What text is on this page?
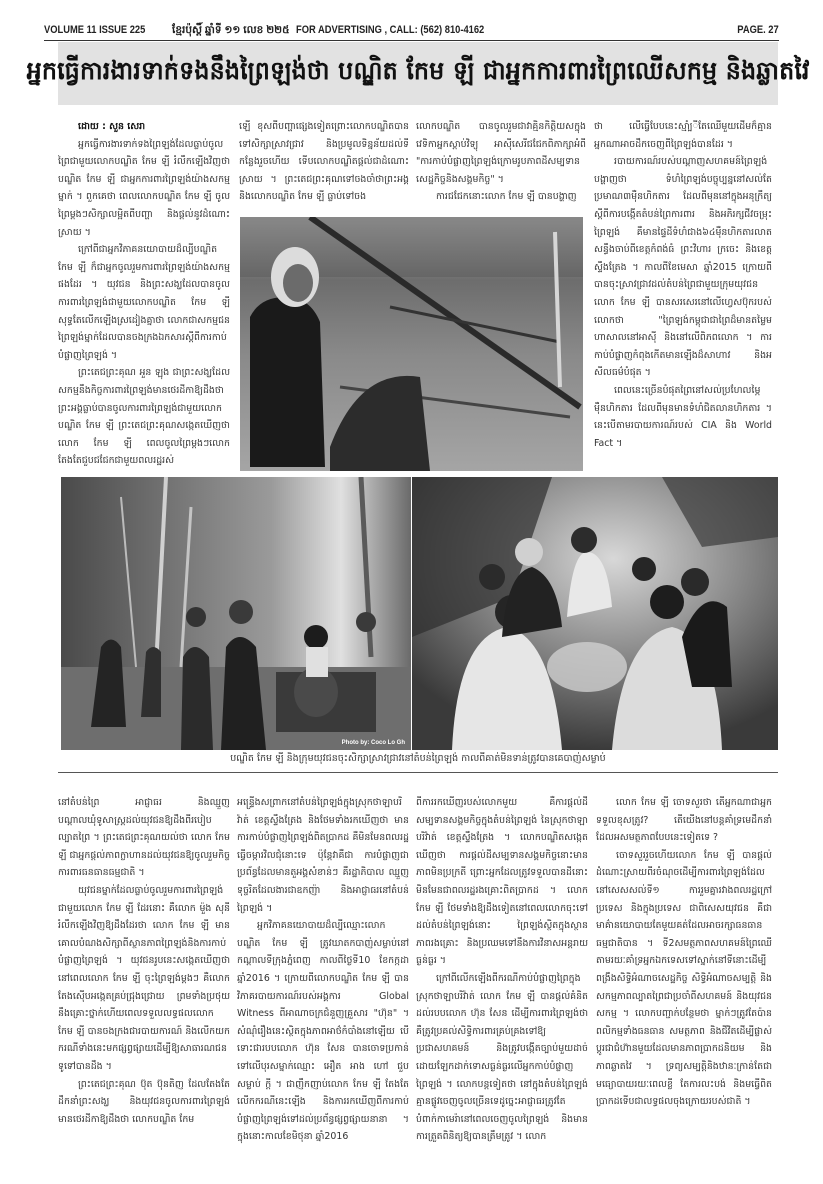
VOLUME 11 ISSUE 225	ខ្មែរប៉ុស្តិ៍ ឆ្នាំទី ១១ លេខ ២២៥ FOR ADVERTISING , CALL: (562) 810-4162	PAGE. 27
អ្នកធ្វើការងារទាក់ទងនឹងព្រៃឡង់ថា បណ្ឌិត កែម ឡី ជាអ្នកការពារព្រៃឈើសកម្ម និងឆ្លាតវៃ

ដោយ : សួន សេរា

អ្នកធ្វើការងារទាក់ទងព្រៃឡង់ដែលធ្លាប់ចូលព្រៃជាមួយលោកបណ្ឌិត កែម ឡី រំលឹកឡើងវិញថា បណ្ឌិត កែម ឡី ជាអ្នកការពារព្រៃឡង់យ៉ាងសកម្មម្នាក់ ។ ពួកគេថា ពេលលោកបណ្ឌិត កែម ឡី ចូលព្រៃម្តងៗសិក្សាលម្អិតពីបញ្ហា និងផ្តល់នូវដំណោះស្រាយ ។

ក្រៅពីជាអ្នកវិភាគនយោបាយដ៏ល្បីបណ្ឌិត កែម ឡី ក៏ជាអ្នកចូលរួមការពារព្រៃឡង់យ៉ាងសកម្មផងដែរ ។ យុវជន និងព្រះសង្ឃដែលបានចូលការពារព្រៃឡង់ជាមួយលោកបណ្ឌិត កែម ឡី សុទ្ធតែលើកឡើងស្រដៀងគ្នាថា លោកជាសកម្មជនព្រៃឡង់ម្នាក់ដែលបានចងក្រងឯកសារស្តីពីការកាប់បំផ្លាញព្រៃឡង់ ។

ព្រះតេជព្រះគុណ អួន ឡុង ជាព្រះសង្ឃដែលសកម្មនឹងកិច្ចការពារព្រៃឡង់មានថេរដីកាឱ្យដឹងថា ព្រះអង្គធ្លាប់បានចូលការពារព្រៃឡង់ជាមួយលោកបណ្ឌិត កែម ឡី ព្រះតេជព្រះគុណសង្កេតឃើញថា លោក កែម ឡី ពេលចូលព្រៃម្តងៗលោកតែងតែជួបជជែកជាមួយពលរដ្ឋរស់

ឡើ ខុសពីបញ្ហាផ្សេងទៀតព្រោះលោកបណ្ឌិតបានទៅសិក្សាស្រាវជ្រាវ និងប្រមូលទិន្នន័យដល់ទីកន្លែងរួចហើយ ទើបលោកបណ្ឌិតផ្តល់ជាដំណោះស្រាយ ។ ព្រះតេជព្រះគុណទៅចងចាំថាព្រះអង្គនិងលោកបណ្ឌិត កែម ឡី ធ្លាប់ទៅចង

លោកបណ្ឌិត បានចូលរួមជាវាគ្មិនកិត្តិយសក្នុងវេទិកាអ្នកស្តាប់វិទ្យុ អាស៊ីសេរីជជែកពិភាក្សាអំពី "ការកាប់បំផ្លាញព្រៃឡង់ក្រោមរូបភាពដីសម្បទានសេដ្ឋកិច្ចនិងសង្គមកិច្ច" ។

ការជជែកនោះលោក កែម ឡី បានបង្ហាញ

ថា លើធ្វើបែបនេះស្មាំ្បីតែឈើមួយដើមក៏គ្មានអ្នកណាអាចដឹកចេញពីព្រៃឡង់បានដែរ ។

របាយការណ៍របស់បណ្តាញសហគមន៍ព្រៃឡង់បង្ហាញថា ទំហំព្រៃឡង់បច្ចុប្បន្ននៅសល់តែប្រមាណ៣ម៉ឺនហិកតារ ដែលពីមុននៅក្នុងអនុក្រឹត្យស្តីពីការបង្កើតតំបន់ព្រៃការពារ និងអភិរក្សជីវចម្រុះ ព្រៃឡង់ គឺមានផ្ទៃដីទំហំជាង៦៤ម៉ឺនហិកតារលាតសន្ធឹងចាប់ពីខេត្តកំពង់ធំ ព្រះវិហារ ក្រចេះ និងខេត្តស្ទឹងត្រែង ។ កាលពីខែមេសា ឆ្នាំ2015 ក្រោយពីបានចុះស្រាវជ្រាវដល់តំបន់ព្រៃជាមួយក្រុមយុវជនលោក កែម ឡី បានសរសេរនៅលើហ្វេសប៊ុករបស់លោកថា "ព្រៃឡង់កម្ពុជាជាព្រៃដ៏មានតម្លៃមហាសាលនៅអាស៊ី និងនៅលើពិភពលោក ។ ការកាប់បំផ្លាញកំពុងកើតមានឡើងដ៏សាហាវ និងអសីលធម៌បំផុត ។

ពេលនេះច្រើនបំផុតព្រៃនៅសល់ប្រហែលម្ភៃម៉ឺនហិកតារ ដែលពីមុនមានទំហំជិតលានហិកតារ ។ នេះបើតាមរបាយការណ៍របស់ CIA និង World Fact ។

Photo by: Coco Lo Gh
បណ្ឌិត កែម ឡី និងក្រុមយុវជនចុះសិក្សាស្រាវជ្រាវនៅតំបន់ព្រៃឡង់ កាលពីគាត់មិនទាន់ត្រូវបានគេបាញ់សម្លាប់

នៅតំបន់ព្រៃ អាជ្ញាធរ និងឈ្មួញបណ្តាលឃុំទូសាស្រ្តដល់យុវជនឱ្យដឹងពីរបៀបល្បាតព្រៃ ។ ព្រះតេជព្រះគុណយល់ថា លោក កែម ឡី ជាអ្នកផ្តល់ភាពក្លាហានដល់យុវជនឱ្យចូលរួមកិច្ចការពារធនធានធម្មជាតិ ។

យុវជនម្នាក់ដែលធ្លាប់ចូលរួមការពារព្រៃឡង់ជាមួយលោក កែម ឡី ដែរនោះ គឺលោក ម៉ួង សុនី រំលឹកឡើងវិញឱ្យដឹងដែរថា លោក កែម ឡី មានគោលបំណងសិក្សាពីស្ថានភាពព្រៃឡង់និងការកាប់បំផ្លាញព្រៃឡង់ ។ យុវជនរូបនេះសង្កេតឃើញថា នៅពេលលោក កែម ឡី ចុះព្រៃឡង់ម្តងៗ គឺលោកតែងស៊ើបអង្កេតគ្រប់ជ្រុងជ្រោយ ព្រមទាំងប្រថុយនឹងគ្រោះថ្នាក់ហើយពេលទទួលលទ្ធផលលោក កែម ឡី បានចងក្រងជារបាយការណ៍ និងលើកយកករណីទាំងនេះមកផ្សព្វផ្សាយដើម្បីឱ្យសាធារណជនទូទៅបានដឹង ។

ព្រះតេជព្រះគុណ ប៊ុត ប៊ុនតិញ ដែលតែងតែដឹកនាំព្រះសង្ឃ និងយុវជនចូលការពារព្រៃឡង់មានថេរដីកាឱ្យដឹងថា លោកបណ្ឌិត កែម

អន្រ្ទើងសព្រាកនៅតំបន់ព្រៃឡង់ក្នុងស្រុកថាឡាបរិវ៉ាត់ ខេត្តស្ទឹងត្រែង និងថែមទាំងរកឃើញថា មានការកាប់បំផ្លាញព្រៃឡង់ពិតប្រាកដ គឺមិនមែនពលរដ្ឋធ្វើចម្ការវិលជុំនោះទេ ប៉ុន្តែវាគឺជា ការបំផ្លាញជាប្រព័ន្ធដែលមានតួអង្គសំខាន់ៗ គឺរដ្ឋាភិបាល ឈ្មួញទុច្ចរិតដែលងារជាឧកញ៉ា និងអាជ្ញាធរនៅតំបន់ព្រៃឡង់ ។

អ្នកវិភាគនយោបាយដ៏ល្បីឈ្មោះលោក បណ្ឌិត កែម ឡី ត្រូវឃាតកបាញ់សម្លាប់នៅកណ្តាលទីក្រុងភ្នំពេញ កាលពីថ្ងៃទី10 ខែកក្កដា ឆ្នាំ2016 ។ ក្រោយពីលោកបណ្ឌិត កែម ឡី បានវិភាគរបាយការណ៍របស់អង្គការ Global Witness ពីអាណាចក្រជំនួញគ្រួសារ "ហ៊ុន" ។ សំណុំរឿងនេះស្ថិតក្នុងភាពអាថ៌កំបាំងនៅឡើយ បើទោះជារបបលោក ហ៊ុន សែន បានចោទប្រកាន់ទៅលើបុរសម្នាក់ឈ្មោះ អឿត អាង ហៅ ជួប សម្លាប់ ក្តី ។ ជាញឹកញាប់លោក កែម ឡី តែងតែលើកករណីនេះឡើង និងការរកឃើញពីការកាប់បំផ្លាញព្រៃឡង់ទៅដល់ប្រព័ន្ធផ្សព្វផ្សាយនានា ។ ក្នុងនោះកាលខែមិថុនា ឆ្នាំ2016

ពីការរកឃើញរបស់លោកមួយ គឺការផ្តល់ដីសម្បទានសង្គមកិច្ចក្នុងតំបន់ព្រៃឡង់ នៃស្រុកថាឡាបរិវ៉ាត់ ខេត្តស្ទឹងត្រែង ។ លោកបណ្ឌិតសង្កេតឃើញថា ការផ្តល់ដីសម្បទានសង្គមកិច្ចនោះមានភាពមិនប្រក្រតី ព្រោះអ្នកដែលត្រូវទទួលបានដីនោះមិនមែនជាពលរដ្ឋរងគ្រោះពិតប្រាកដ ។ លោក កែម ឡី ថែមទាំងឱ្យដឹងទៀតនៅពេលលោកចុះទៅដល់តំបន់ព្រៃឡង់នោះ ព្រៃឡង់ស្ថិតក្នុងស្ថានភាពរងគ្រោះ និងប្រឈមទៅនឹងការវិនាសអន្តរាយធ្ងន់ធ្ងរ ។

ក្រៅពីលើកឡើងពីករណីកាប់បំផ្លាញព្រៃក្នុងស្រុកថាឡាបរិវ៉ាត់ លោក កែម ឡី បានផ្តល់គំនិតដល់របបលោក ហ៊ុន សែន ដើម្បីការពារព្រៃឡង់ថា គឺត្រូវប្រគល់សិទ្ធិការពារគ្រប់គ្រងទៅឱ្យប្រជាសហគមន៍ និងត្រូវបង្កើតច្បាប់មួយដាច់ដោយឡែកដាក់ទោសធ្ងន់ធ្ងរលើអ្នកកាប់បំផ្លាញព្រៃឡង់ ។ លោកបន្តទៀតថា នៅក្នុងតំបន់ព្រៃឡង់គ្មានផ្លូវចេញចូលច្រើនទេដូច្នេះអាជ្ញាធរត្រូវតែបំពាក់កាមេរ៉ានៅពេលចេញចូលព្រៃឡង់ និងមានការត្រួតពិនិត្យឱ្យបានត្រឹមត្រូវ ។ លោក

លោក កែម ឡី ចោទសួរថា តើអ្នកណាជាអ្នកទទួលខុសត្រូវ? តើយើងនៅបន្តគាំទ្រមេដឹកនាំដែលអសមត្ថភាពបែបនេះទៀតទេ ?

ចោទសួររួចហើយលោក កែម ឡី បានផ្តល់ដំណោះស្រាយពីរចំណុចដើម្បីការពារព្រៃឡង់ដែលនៅសេសសល់ទី១ ការរួមគ្នារវាងពលរដ្ឋក្រៅប្រទេស និងក្នុងប្រទេស ជាពិសេសយុវជន គឺជាមាគ៌ានយោបាយតែមួយគត់ដែលអាចរក្សាធនធានធម្មជាតិបាន ។ ទី2សមត្ថភាពសហគមន៍ព្រៃឈើតាមរយៈគាំទ្រអ្នកឯកទេសទៅស្នាក់នៅទីនោះដើម្បីពង្រឹងសិទ្ធិអំណាចសេដ្ឋកិច្ច សិទ្ធិអំណាចសម្បត្តិ និងសកម្មភាពល្បាតព្រៃជាប្រចាំពីសហគមន៍ និងយុវជនសកម្ម ។ លោកបញ្ជាក់បន្ថែមថា ម្នាក់ៗត្រូវតែប៉ានពលិកម្មទាំងធនធាន សមត្ថភាព និងជីវិតដើម្បីផ្លាស់ប្តូរជាជំហ៊ានមួយដែលមានភាពប្រាកដនិយម និងភាពឆ្លាតវៃ ។ ទ្រព្យសម្បត្តិនិងឋានៈក្រាន់តែជាមធ្យោបាយរយៈពេលខ្លី តែការលះបង់ និងមធ្វើពិតប្រាកដទើបជាលទ្ធផលចុងក្រោយរបស់ជាតិ ។
